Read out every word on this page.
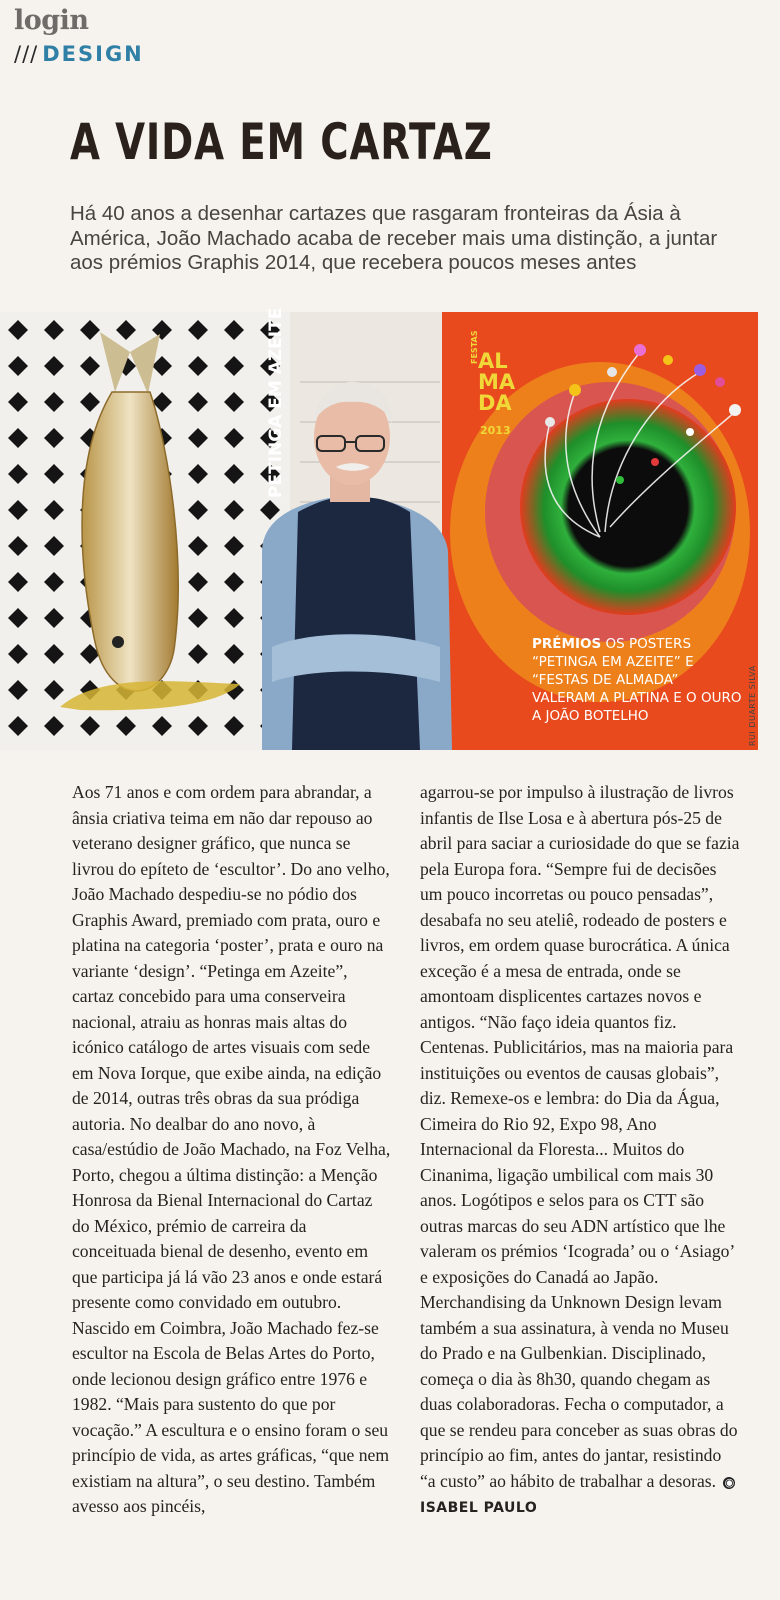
login
/// DESIGN
A VIDA EM CARTAZ

Há 40 anos a desenhar cartazes que rasgaram fronteiras da Ásia à América, João Machado acaba de receber mais uma distinção, a juntar aos prémios Graphis 2014, que recebera poucos meses antes

PETINGA EM AZEITE	AL
MA
DA
FESTAS
2013

PRÉMIOS OS POSTERS “PETINGA EM AZEITE” E “FESTAS DE ALMADA” VALERAM A PLATINA E O OURO A JOÃO BOTELHO	RUI DUARTE SILVA

Aos 71 anos e com ordem para abrandar, a ânsia criativa teima em não dar repouso ao veterano designer gráfico, que nunca se livrou do epíteto de ‘escultor’. Do ano velho, João Machado despediu-se no pódio dos Graphis Award, premiado com prata, ouro e platina na categoria ‘poster’, prata e ouro na variante ‘design’. “Petinga em Azeite”, cartaz concebido para uma conserveira nacional, atraiu as honras mais altas do icónico catálogo de artes visuais com sede em Nova Iorque, que exibe ainda, na edição de 2014, outras três obras da sua pródiga autoria. No dealbar do ano novo, à casa/estúdio de João Machado, na Foz Velha, Porto, chegou a última distinção: a Menção Honrosa da Bienal Internacional do Cartaz do México, prémio de carreira da conceituada bienal de desenho, evento em que participa já lá vão 23 anos e onde estará presente como convidado em outubro. Nascido em Coimbra, João Machado fez-se escultor na Escola de Belas Artes do Porto, onde lecionou design gráfico entre 1976 e 1982. “Mais para sustento do que por vocação.” A escultura e o ensino foram o seu princípio de vida, as artes gráficas, “que nem existiam na altura”, o seu destino. Também avesso aos pincéis,

agarrou-se por impulso à ilustração de livros infantis de Ilse Losa e à abertura pós-25 de abril para saciar a curiosidade do que se fazia pela Europa fora. “Sempre fui de decisões um pouco incorretas ou pouco pensadas”, desabafa no seu ateliê, rodeado de posters e livros, em ordem quase burocrática. A única exceção é a mesa de entrada, onde se amontoam displicentes cartazes novos e antigos. “Não faço ideia quantos fiz. Centenas. Publicitários, mas na maioria para instituições ou eventos de causas globais”, diz. Remexe-os e lembra: do Dia da Água, Cimeira do Rio 92, Expo 98, Ano Internacional da Floresta... Muitos do Cinanima, ligação umbilical com mais 30 anos. Logótipos e selos para os CTT são outras marcas do seu ADN artístico que lhe valeram os prémios ‘Icograda’ ou o ‘Asiago’ e exposições do Canadá ao Japão. Merchandising da Unknown Design levam também a sua assinatura, à venda no Museu do Prado e na Gulbenkian. Disciplinado, começa o dia às 8h30, quando chegam as duas colaboradoras. Fecha o computador, a que se rendeu para conceber as suas obras do princípio ao fim, antes do jantar, resistindo “a custo” ao hábito de trabalhar a desoras. ◉ISABEL PAULO
